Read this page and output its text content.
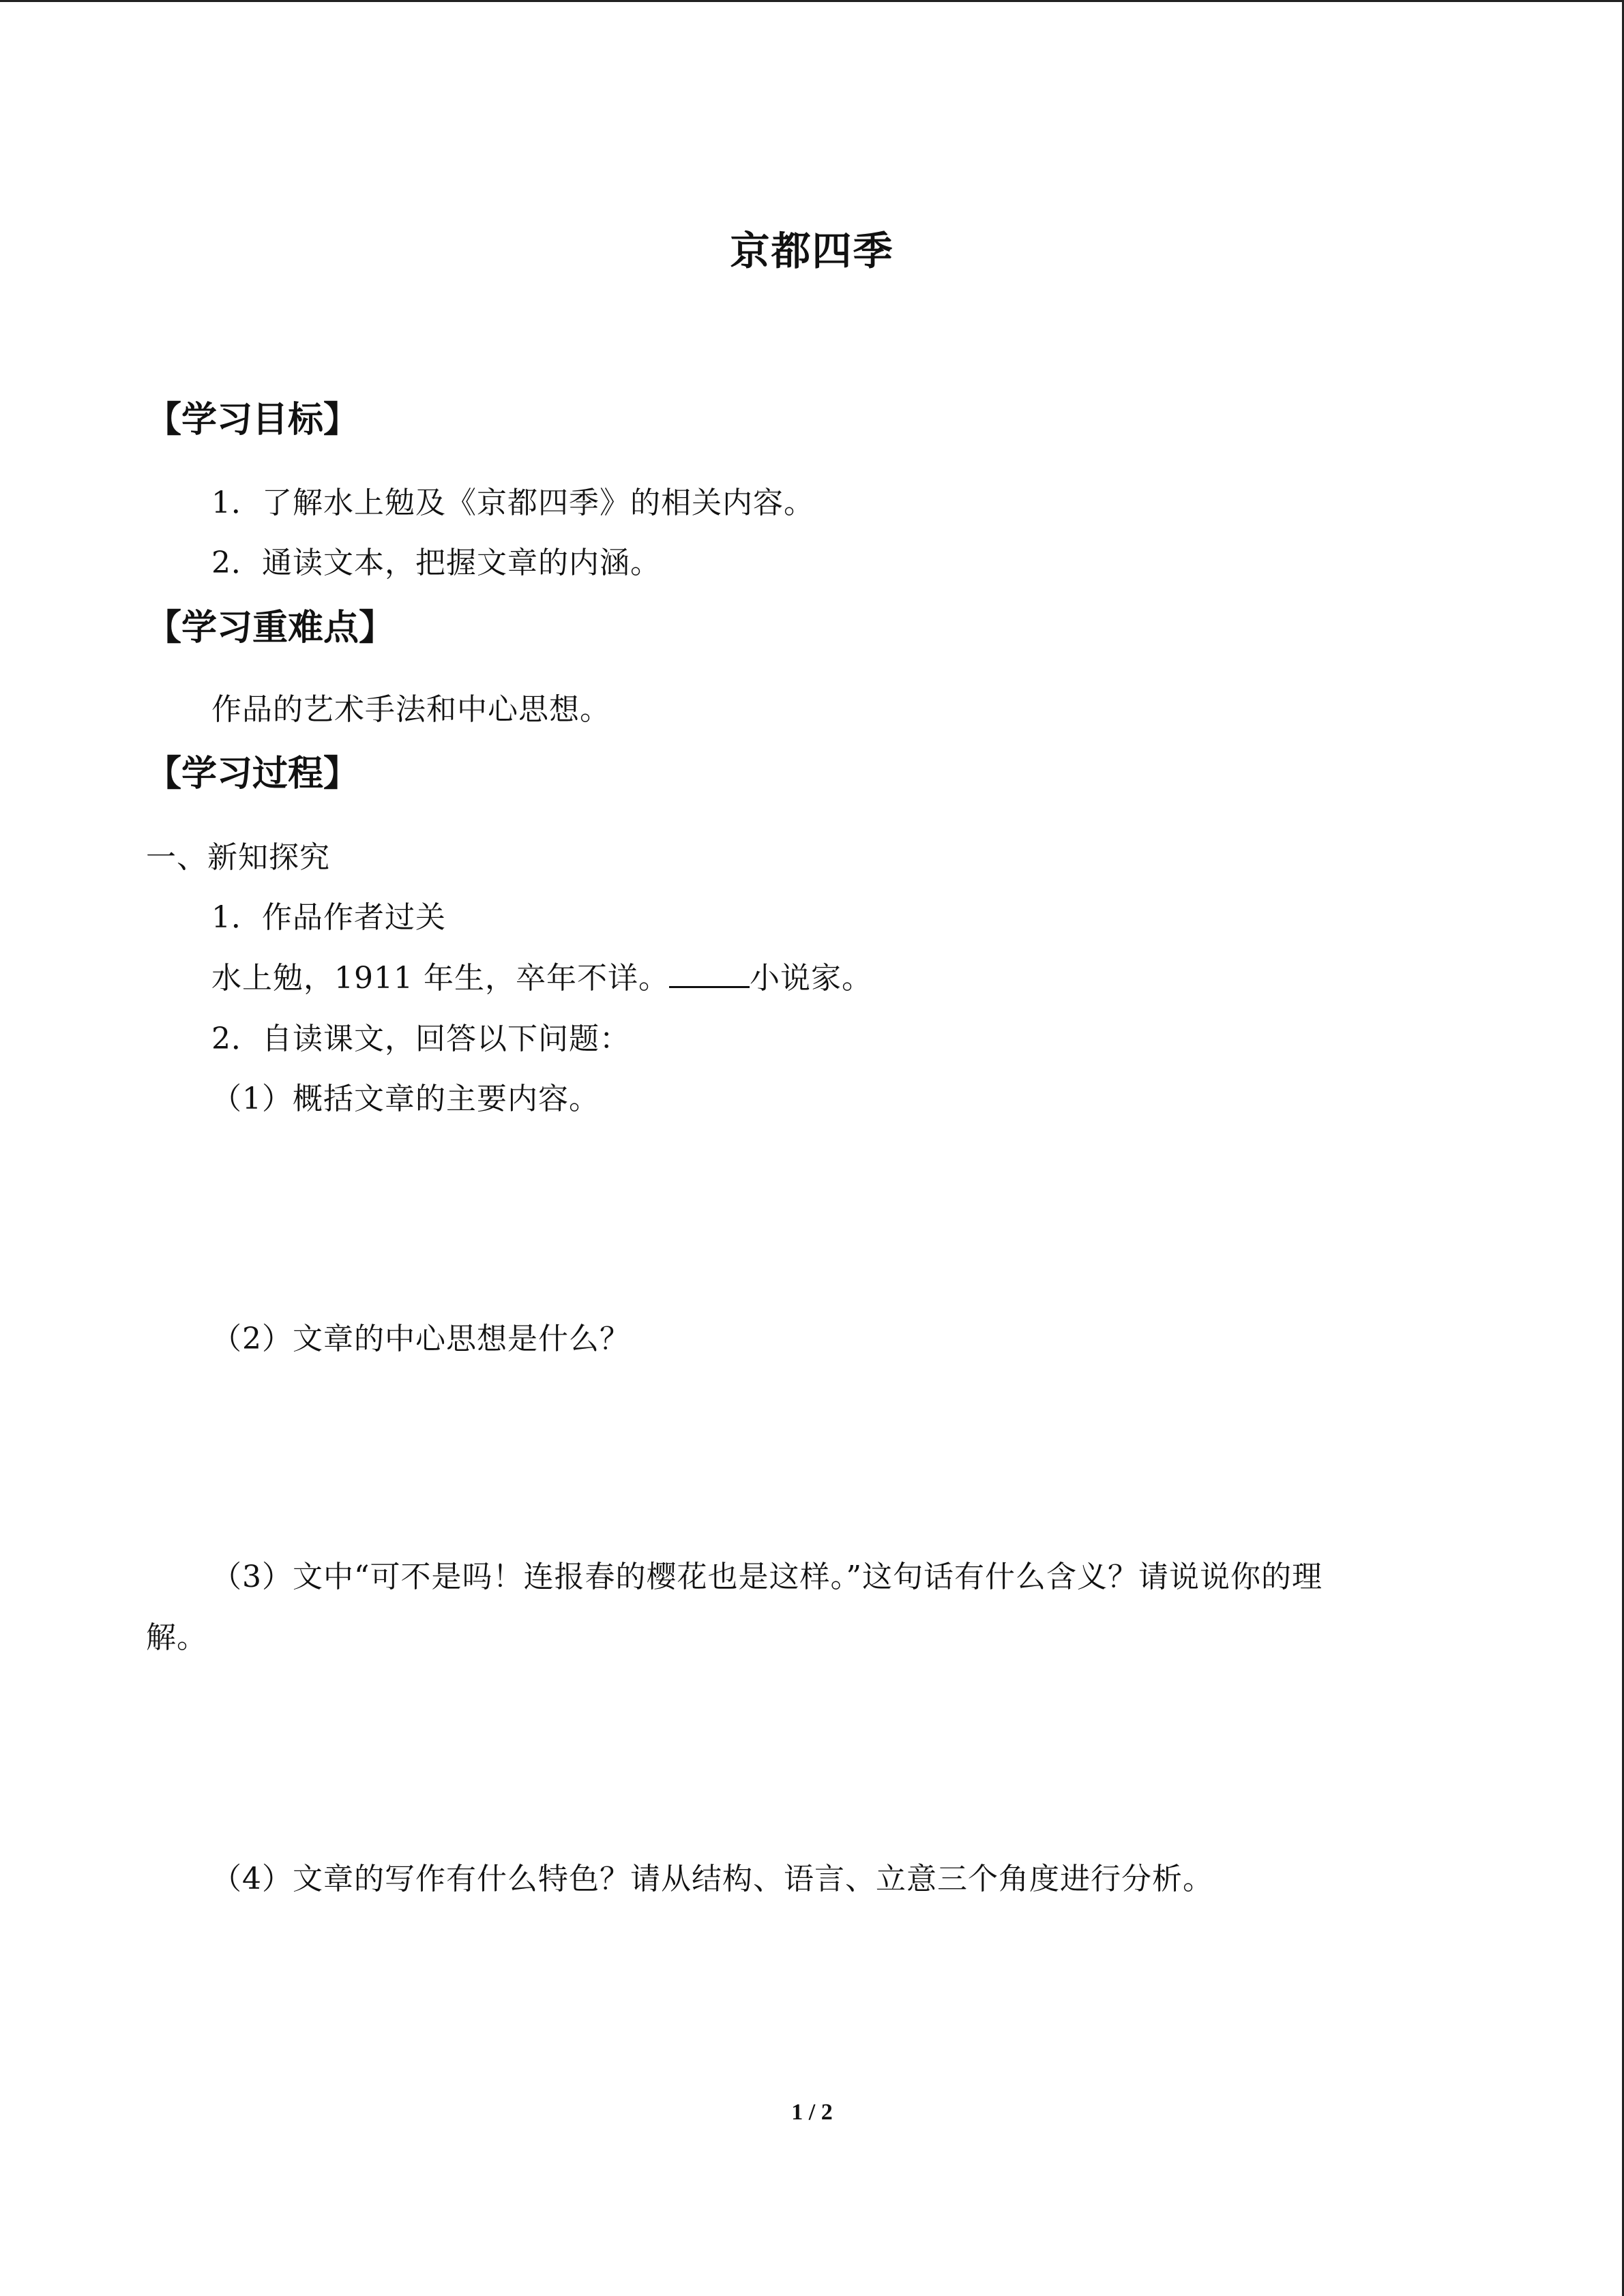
京都四季
【学习目标】
1．了解水上勉及《京都四季》的相关内容。
2．通读文本，把握文章的内涵。
【学习重难点】
作品的艺术手法和中心思想。
【学习过程】
一、新知探究
1．作品作者过关
水上勉，1911 年生，卒年不详。	小说家。
2．自读课文，回答以下问题：
（1）概括文章的主要内容。
（2）文章的中心思想是什么？
（3）文中“可不是吗！连报春的樱花也是这样。”这句话有什么含义？请说说你的理
解。
（4）文章的写作有什么特色？请从结构、语言、立意三个角度进行分析。
1 / 2
